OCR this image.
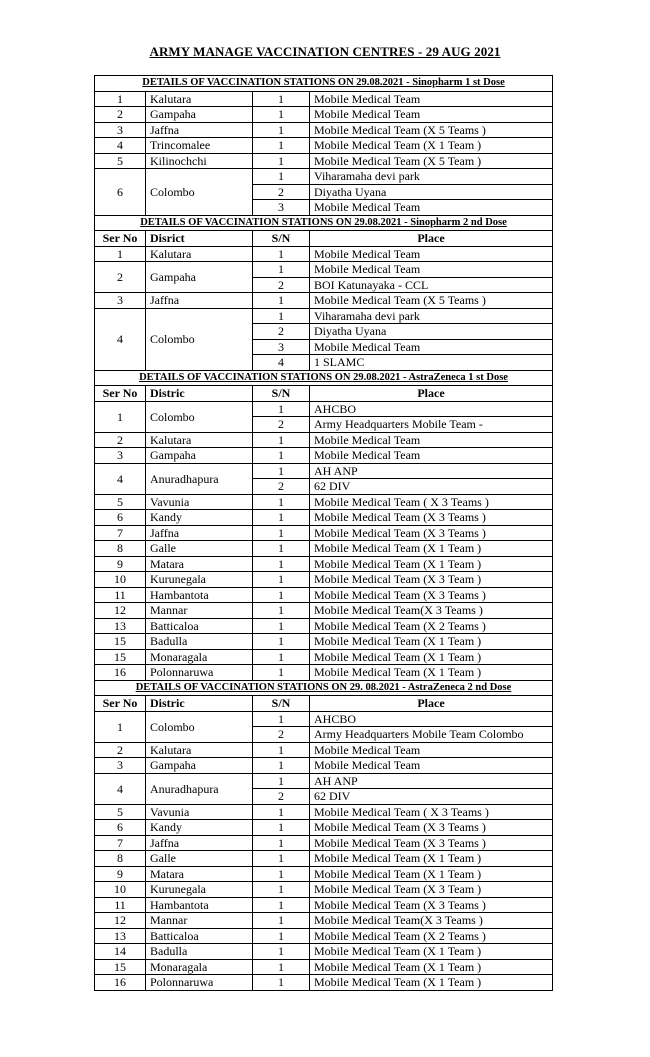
ARMY MANAGE VACCINATION CENTRES - 29 AUG 2021
DETAILS OF VACCINATION STATIONS ON 29.08.2021 - Sinopharm 1 st Dose			
1	Kalutara	1	Mobile Medical Team
2	Gampaha	1	Mobile Medical Team
3	Jaffna	1	Mobile Medical Team (X 5 Teams )
4	Trincomalee	1	Mobile Medical Team (X 1 Team )
5	Kilinochchi	1	Mobile Medical Team (X 5 Team )
6	Colombo	1	Viharamaha devi park
		2	Diyatha Uyana
		3	Mobile Medical Team
DETAILS OF VACCINATION STATIONS ON 29.08.2021 - Sinopharm 2 nd Dose			
Ser No	Disrict	S/N	Place
1	Kalutara	1	Mobile Medical Team
2	Gampaha	1	Mobile Medical Team
		2	BOI Katunayaka - CCL
3	Jaffna	1	Mobile Medical Team (X 5 Teams )
4	Colombo	1	Viharamaha devi park
		2	Diyatha Uyana
		3	Mobile Medical Team
		4	1 SLAMC
DETAILS OF VACCINATION STATIONS ON 29.08.2021 - AstraZeneca 1 st Dose			
Ser No	Distric	S/N	Place
1	Colombo	1	AHCBO
		2	Army Headquarters Mobile Team -
2	Kalutara	1	Mobile Medical Team
3	Gampaha	1	Mobile Medical Team
4	Anuradhapura	1	AH ANP
		2	62 DIV
5	Vavunia	1	Mobile Medical Team ( X 3 Teams )
6	Kandy	1	Mobile Medical Team (X 3 Teams )
7	Jaffna	1	Mobile Medical Team (X 3 Teams )
8	Galle	1	Mobile Medical Team (X 1 Team )
9	Matara	1	Mobile Medical Team (X 1 Team )
10	Kurunegala	1	Mobile Medical Team (X 3 Team )
11	Hambantota	1	Mobile Medical Team (X 3 Teams )
12	Mannar	1	Mobile Medical Team(X 3 Teams )
13	Batticaloa	1	Mobile Medical Team (X 2 Teams )
15	Badulla	1	Mobile Medical Team (X 1 Team )
15	Monaragala	1	Mobile Medical Team (X 1 Team )
16	Polonnaruwa	1	Mobile Medical Team (X 1 Team )
DETAILS OF VACCINATION STATIONS ON 29. 08.2021 - AstraZeneca 2 nd Dose			
Ser No	Distric	S/N	Place
1	Colombo	1	AHCBO
		2	Army Headquarters Mobile Team Colombo
2	Kalutara	1	Mobile Medical Team
3	Gampaha	1	Mobile Medical Team
4	Anuradhapura	1	AH ANP
		2	62 DIV
5	Vavunia	1	Mobile Medical Team ( X 3 Teams )
6	Kandy	1	Mobile Medical Team (X 3 Teams )
7	Jaffna	1	Mobile Medical Team (X 3 Teams )
8	Galle	1	Mobile Medical Team (X 1 Team )
9	Matara	1	Mobile Medical Team (X 1 Team )
10	Kurunegala	1	Mobile Medical Team (X 3 Team )
11	Hambantota	1	Mobile Medical Team (X 3 Teams )
12	Mannar	1	Mobile Medical Team(X 3 Teams )
13	Batticaloa	1	Mobile Medical Team (X 2 Teams )
14	Badulla	1	Mobile Medical Team (X 1 Team )
15	Monaragala	1	Mobile Medical Team (X 1 Team )
16	Polonnaruwa	1	Mobile Medical Team (X 1 Team )
